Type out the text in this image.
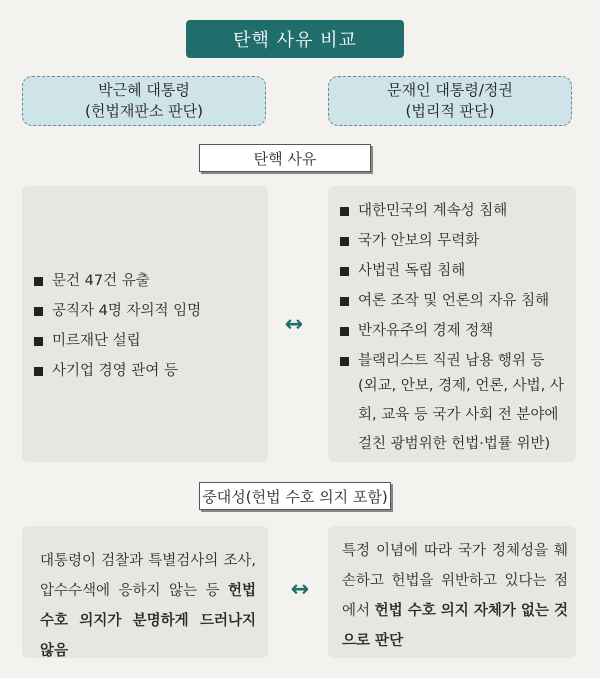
탄핵 사유 비교
박근혜 대통령
(헌법재판소 판단)
문재인 대통령/정권
(법리적 판단)
탄핵 사유
문건 47건 유출
공직자 4명 자의적 임명
미르재단 설립
사기업 경영 관여 등
↔
대한민국의 계속성 침해
국가 안보의 무력화
사법권 독립 침해
여론 조작 및 언론의 자유 침해
반자유주의 경제 정책
블랙리스트 직권 남용 행위 등
(외교, 안보, 경제, 언론, 사법, 사회, 교육 등 국가 사회 전 분야에 걸친 광범위한 헌법·법률 위반)
중대성(헌법 수호 의지 포함)
대통령이 검찰과 특별검사의 조사, 압수수색에 응하지 않는 등 헌법 수호 의지가 분명하게 드러나지 않음
↔
특정 이념에 따라 국가 정체성을 훼손하고 헌법을 위반하고 있다는 점에서 헌법 수호 의지 자체가 없는 것으로 판단
